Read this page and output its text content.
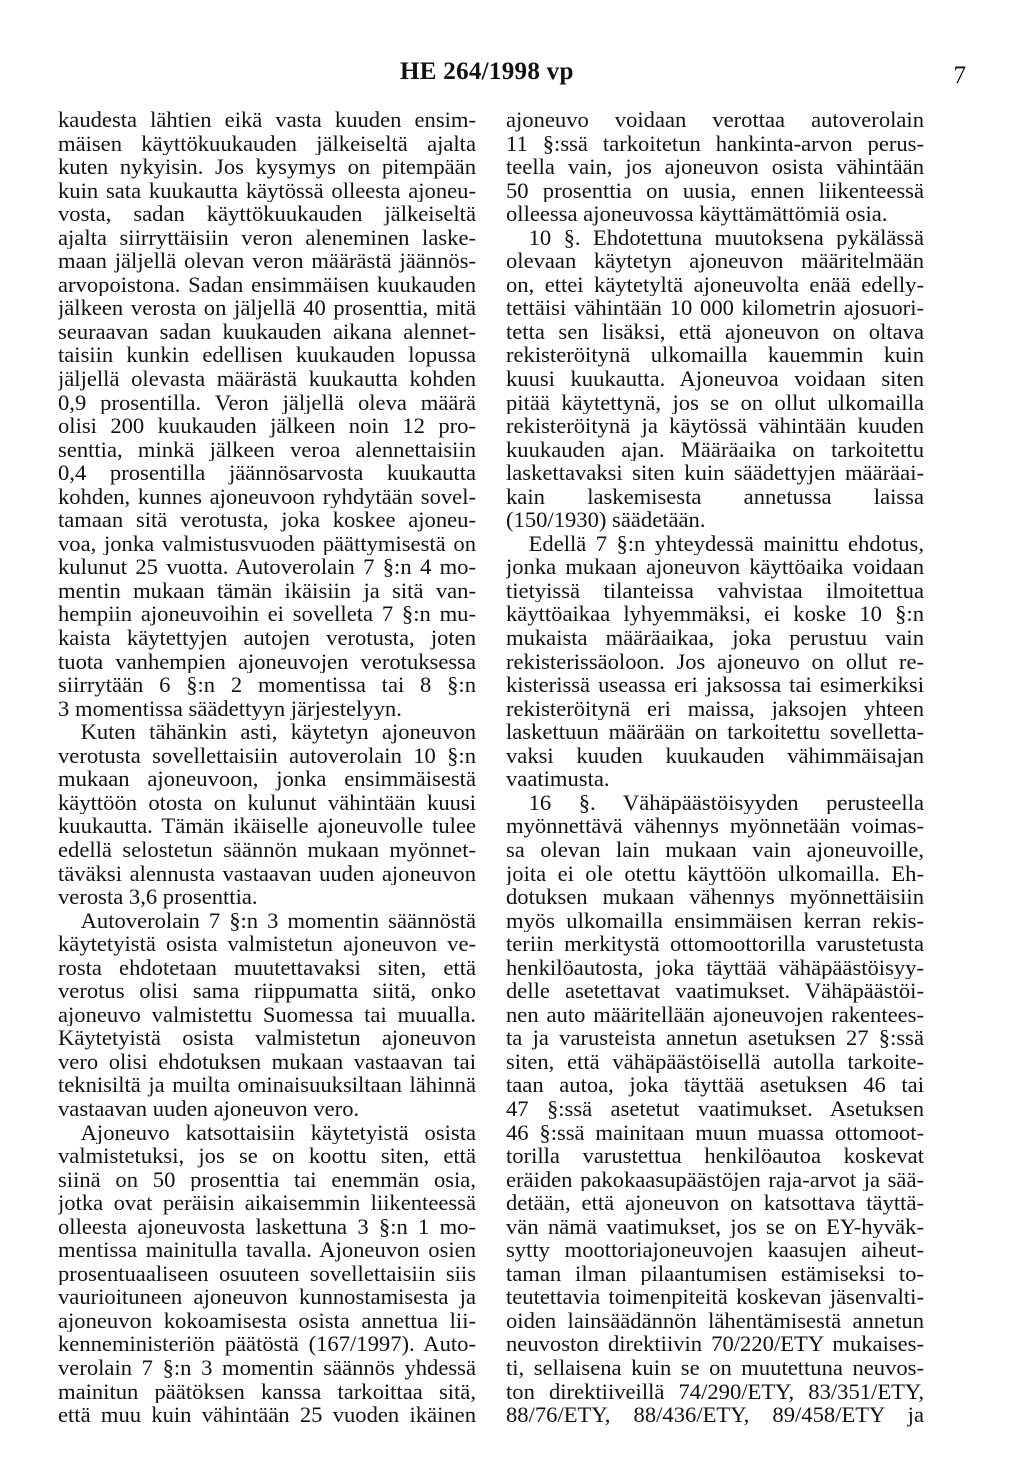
HE 264/1998 vp	7
kaudesta lähtien eikä vasta kuuden ensim-
mäisen käyttökuukauden jälkeiseltä ajalta
kuten nykyisin. Jos kysymys on pitempään
kuin sata kuukautta käytössä olleesta ajoneu-
vosta, sadan käyttökuukauden jälkeiseltä
ajalta siirryttäisiin veron aleneminen laske-
maan jäljellä olevan veron määrästä jäännös-
arvopoistona. Sadan ensimmäisen kuukauden
jälkeen verosta on jäljellä 40 prosenttia, mitä
seuraavan sadan kuukauden aikana alennet-
taisiin kunkin edellisen kuukauden lopussa
jäljellä olevasta määrästä kuukautta kohden
0,9 prosentilla. Veron jäljellä oleva määrä
olisi 200 kuukauden jälkeen noin 12 pro-
senttia, minkä jälkeen veroa alennettaisiin
0,4 prosentilla jäännösarvosta kuukautta
kohden, kunnes ajoneuvoon ryhdytään sovel-
tamaan sitä verotusta, joka koskee ajoneu-
voa, jonka valmistusvuoden päättymisestä on
kulunut 25 vuotta. Autoverolain 7 §:n 4 mo-
mentin mukaan tämän ikäisiin ja sitä van-
hempiin ajoneuvoihin ei sovelleta 7 §:n mu-
kaista käytettyjen autojen verotusta, joten
tuota vanhempien ajoneuvojen verotuksessa
siirrytään 6 §:n 2 momentissa tai 8 §:n
3 momentissa säädettyyn järjestelyyn.
 Kuten tähänkin asti, käytetyn ajoneuvon
verotusta sovellettaisiin autoverolain 10 §:n
mukaan ajoneuvoon, jonka ensimmäisestä
käyttöön otosta on kulunut vähintään kuusi
kuukautta. Tämän ikäiselle ajoneuvolle tulee
edellä selostetun säännön mukaan myönnet-
täväksi alennusta vastaavan uuden ajoneuvon
verosta 3,6 prosenttia.
 Autoverolain 7 §:n 3 momentin säännöstä
käytetyistä osista valmistetun ajoneuvon ve-
rosta ehdotetaan muutettavaksi siten, että
verotus olisi sama riippumatta siitä, onko
ajoneuvo valmistettu Suomessa tai muualla.
Käytetyistä osista valmistetun ajoneuvon
vero olisi ehdotuksen mukaan vastaavan tai
teknisiltä ja muilta ominaisuuksiltaan lähinnä
vastaavan uuden ajoneuvon vero.
 Ajoneuvo katsottaisiin käytetyistä osista
valmistetuksi, jos se on koottu siten, että
siinä on 50 prosenttia tai enemmän osia,
jotka ovat peräisin aikaisemmin liikenteessä
olleesta ajoneuvosta laskettuna 3 §:n 1 mo-
mentissa mainitulla tavalla. Ajoneuvon osien
prosentuaaliseen osuuteen sovellettaisiin siis
vaurioituneen ajoneuvon kunnostamisesta ja
ajoneuvon kokoamisesta osista annettua lii-
kenneministeriön päätöstä (167/1997). Auto-
verolain 7 §:n 3 momentin säännös yhdessä
mainitun päätöksen kanssa tarkoittaa sitä,
että muu kuin vähintään 25 vuoden ikäinen
ajoneuvo voidaan verottaa autoverolain
11 §:ssä tarkoitetun hankinta-arvon perus-
teella vain, jos ajoneuvon osista vähintään
50 prosenttia on uusia, ennen liikenteessä
olleessa ajoneuvossa käyttämättömiä osia.
 10 §. Ehdotettuna muutoksena pykälässä
olevaan käytetyn ajoneuvon määritelmään
on, ettei käytetyltä ajoneuvolta enää edelly-
tettäisi vähintään 10 000 kilometrin ajosuori-
tetta sen lisäksi, että ajoneuvon on oltava
rekisteröitynä ulkomailla kauemmin kuin
kuusi kuukautta. Ajoneuvoa voidaan siten
pitää käytettynä, jos se on ollut ulkomailla
rekisteröitynä ja käytössä vähintään kuuden
kuukauden ajan. Määräaika on tarkoitettu
laskettavaksi siten kuin säädettyjen määräai-
kain laskemisesta annetussa laissa
(150/1930) säädetään.
 Edellä 7 §:n yhteydessä mainittu ehdotus,
jonka mukaan ajoneuvon käyttöaika voidaan
tietyissä tilanteissa vahvistaa ilmoitettua
käyttöaikaa lyhyemmäksi, ei koske 10 §:n
mukaista määräaikaa, joka perustuu vain
rekisterissäoloon. Jos ajoneuvo on ollut re-
kisterissä useassa eri jaksossa tai esimerkiksi
rekisteröitynä eri maissa, jaksojen yhteen
laskettuun määrään on tarkoitettu sovelletta-
vaksi kuuden kuukauden vähimmäisajan
vaatimusta.
 16 §. Vähäpäästöisyyden perusteella
myönnettävä vähennys myönnetään voimas-
sa olevan lain mukaan vain ajoneuvoille,
joita ei ole otettu käyttöön ulkomailla. Eh-
dotuksen mukaan vähennys myönnettäisiin
myös ulkomailla ensimmäisen kerran rekis-
teriin merkitystä ottomoottorilla varustetusta
henkilöautosta, joka täyttää vähäpäästöisyy-
delle asetettavat vaatimukset. Vähäpäästöi-
nen auto määritellään ajoneuvojen rakentees-
ta ja varusteista annetun asetuksen 27 §:ssä
siten, että vähäpäästöisellä autolla tarkoite-
taan autoa, joka täyttää asetuksen 46 tai
47 §:ssä asetetut vaatimukset. Asetuksen
46 §:ssä mainitaan muun muassa ottomoot-
torilla varustettua henkilöautoa koskevat
eräiden pakokaasupäästöjen raja-arvot ja sää-
detään, että ajoneuvon on katsottava täyttä-
vän nämä vaatimukset, jos se on EY-hyväk-
sytty moottoriajoneuvojen kaasujen aiheut-
taman ilman pilaantumisen estämiseksi to-
teutettavia toimenpiteitä koskevan jäsenvalti-
oiden lainsäädännön lähentämisestä annetun
neuvoston direktiivin 70/220/ETY mukaises-
ti, sellaisena kuin se on muutettuna neuvos-
ton direktiiveillä 74/290/ETY, 83/351/ETY,
88/76/ETY, 88/436/ETY, 89/458/ETY ja
